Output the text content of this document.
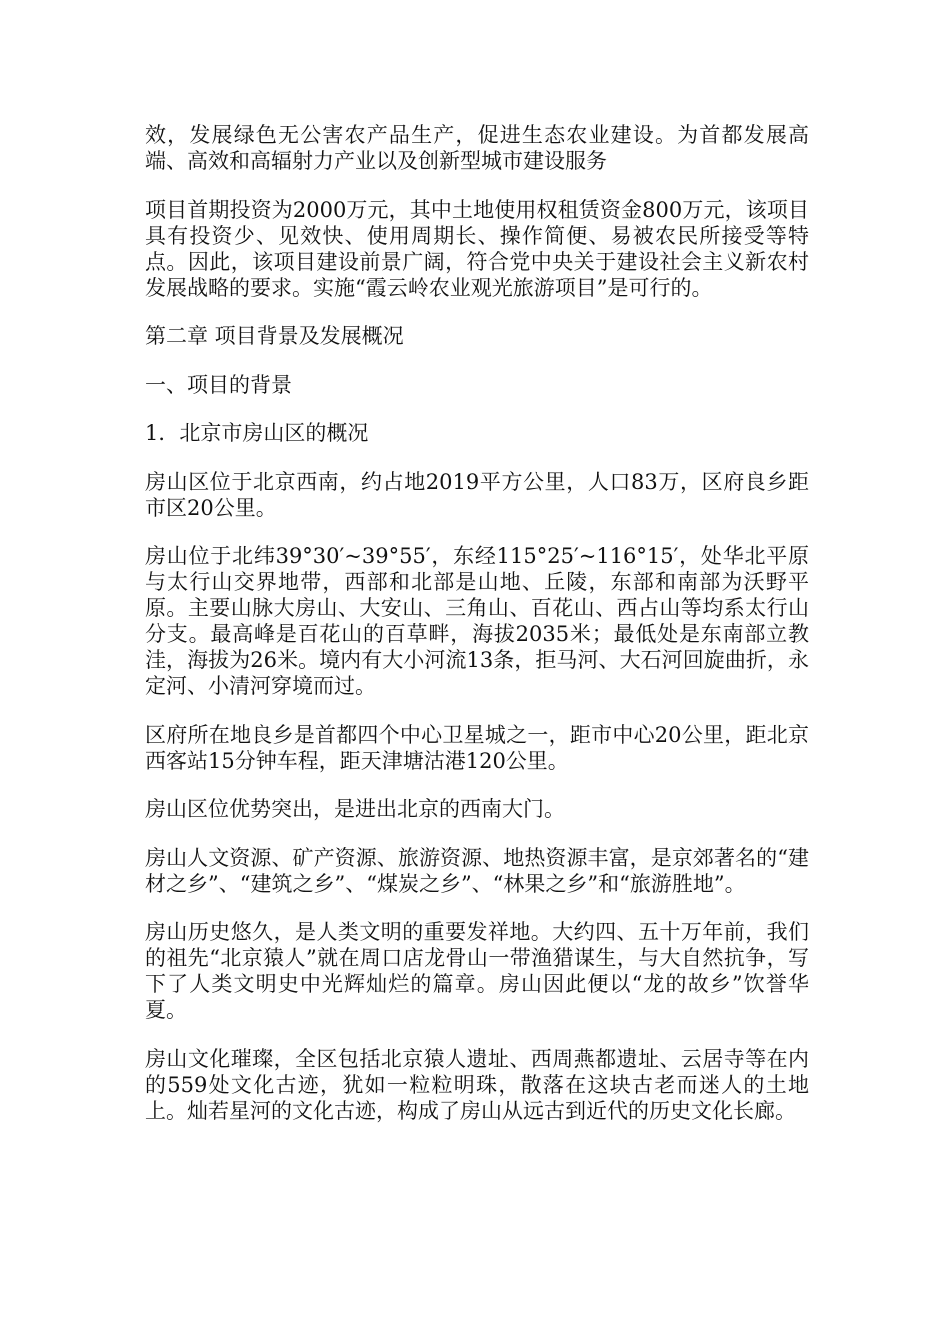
效，发展绿色无公害农产品生产，促进生态农业建设。为首都发展高端、高效和高辐射力产业以及创新型城市建设服务

项目首期投资为2000万元，其中土地使用权租赁资金800万元，该项目具有投资少、见效快、使用周期长、操作简便、易被农民所接受等特点。因此，该项目建设前景广阔，符合党中央关于建设社会主义新农村发展战略的要求。实施“霞云岭农业观光旅游项目”是可行的。

第二章 项目背景及发展概况

一、项目的背景

1．北京市房山区的概况

房山区位于北京西南，约占地2019平方公里，人口83万，区府良乡距市区20公里。

房山位于北纬39°30′~39°55′，东经115°25′~116°15′，处华北平原与太行山交界地带，西部和北部是山地、丘陵，东部和南部为沃野平原。主要山脉大房山、大安山、三角山、百花山、西占山等均系太行山分支。最高峰是百花山的百草畔，海拔2035米；最低处是东南部立教洼，海拔为26米。境内有大小河流13条，拒马河、大石河回旋曲折，永定河、小清河穿境而过。

区府所在地良乡是首都四个中心卫星城之一，距市中心20公里，距北京西客站15分钟车程，距天津塘沽港120公里。

房山区位优势突出，是进出北京的西南大门。

房山人文资源、矿产资源、旅游资源、地热资源丰富，是京郊著名的“建材之乡”、“建筑之乡”、“煤炭之乡”、“林果之乡”和“旅游胜地”。

房山历史悠久，是人类文明的重要发祥地。大约四、五十万年前，我们的祖先“北京猿人”就在周口店龙骨山一带渔猎谋生，与大自然抗争，写下了人类文明史中光辉灿烂的篇章。房山因此便以“龙的故乡”饮誉华夏。

房山文化璀璨，全区包括北京猿人遗址、西周燕都遗址、云居寺等在内的559处文化古迹，犹如一粒粒明珠，散落在这块古老而迷人的土地上。灿若星河的文化古迹，构成了房山从远古到近代的历史文化长廊。
